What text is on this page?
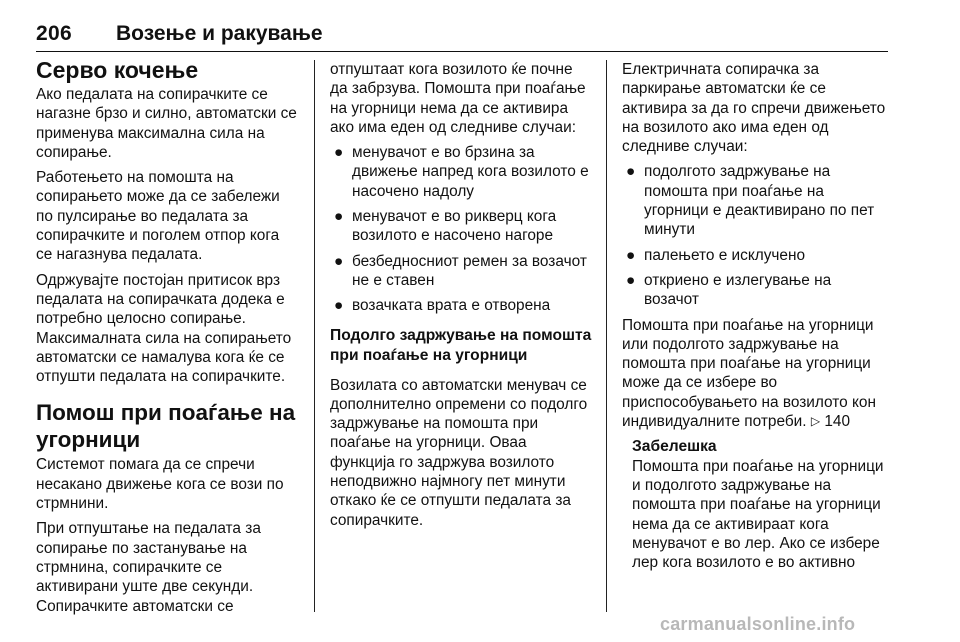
206 Возење и ракување
Серво кочење

Ако педалата на сопирачките се нагазне брзо и силно, автоматски се применува максимална сила на сопирање.

Работењето на помошта на сопирањето може да се забележи по пулсирање во педалата за сопирачките и поголем отпор кога се нагазнува педалата.

Одржувајте постојан притисок врз педалата на сопирачката додека е потребно целосно сопирање. Максималната сила на сопирањето автоматски се намалува кога ќе се отпушти педалата на сопирачките.

Помош при поаѓање на угорници

Системот помага да се спречи несакано движење кога се вози по стрмнини.

При отпуштање на педалата за сопирање по застанување на стрмнина, сопирачките се активирани уште две секунди. Сопирачките автоматски се

отпуштаат кога возилото ќе почне да забрзува. Помошта при поаѓање на угорници нема да се активира ако има еден од следниве случаи:

● менувачот е во брзина за движење напред кога возилото е насочено надолу
● менувачот е во рикверц кога возилото е насочено нагоре
● безбедносниот ремен за возачот не е ставен
● возачката врата е отворена
Подолго задржување на помошта при поаѓање на угорници

Возилата со автоматски менувач се дополнително опремени со подолго задржување на помошта при поаѓање на угорници. Оваа функција го задржува возилото неподвижно најмногу пет минути откако ќе се отпушти педалата за сопирачките.

Електричната сопирачка за паркирање автоматски ќе се активира за да го спречи движењето на возилото ако има еден од следниве случаи:

● подолгото задржување на помошта при поаѓање на угорници е деактивирано по пет минути
● палењето е исклучено
● откриено е излегување на возачот

Помошта при поаѓање на угорници или подолгото задржување на помошта при поаѓање на угорници може да се избере во приспособувањето на возилото кон индивидуалните потреби. ▷ 140

Забелешка
Помошта при поаѓање на угорници и подолгото задржување на помошта при поаѓање на угорници нема да се активираат кога менувачот е во лер. Ако се избере лер кога возилото е во активно
carmanualsonline.info
